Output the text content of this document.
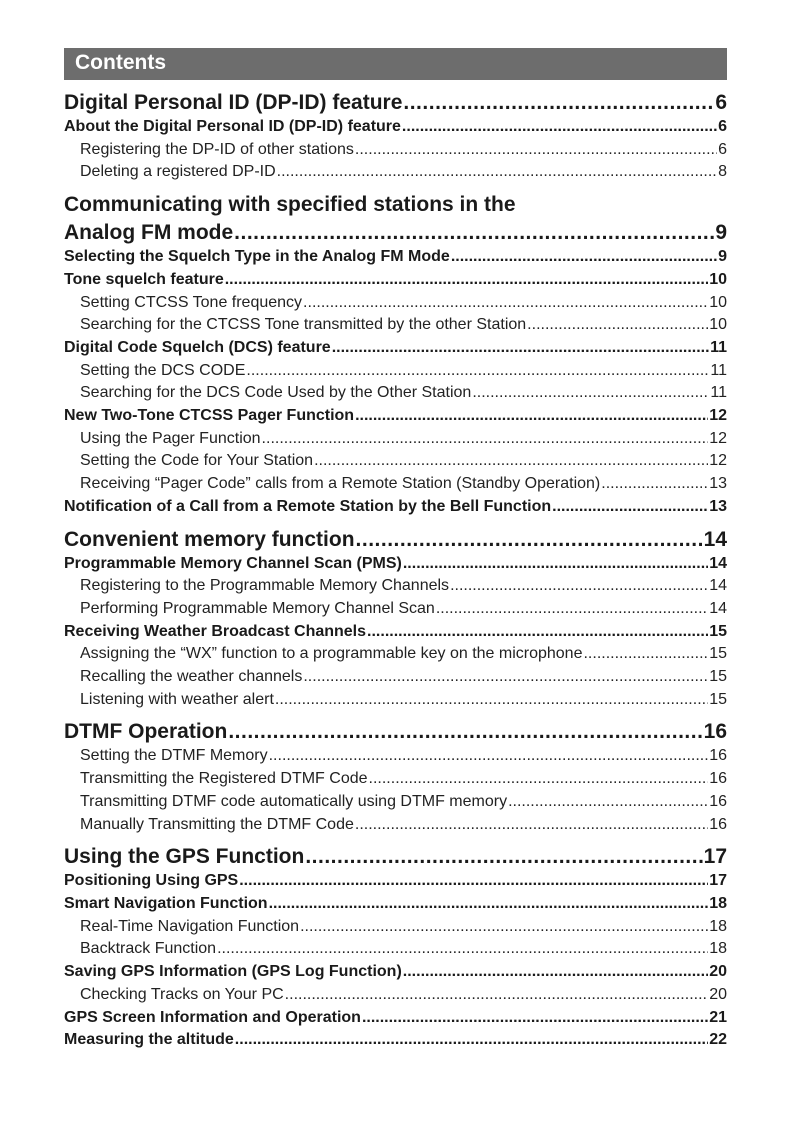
Contents
Digital Personal ID (DP-ID) feature .....	6
About the Digital Personal ID (DP-ID) feature .....	6
Registering the DP-ID of other stations .....	6
Deleting a registered DP-ID .....	8
Communicating with specified stations in the
Analog FM mode .....	9
Selecting the Squelch Type in the Analog FM Mode .....	9
Tone squelch feature .....	10
Setting CTCSS Tone frequency .....	10
Searching for the CTCSS Tone transmitted by the other Station .....	10
Digital Code Squelch (DCS) feature .....	11
Setting the DCS CODE .....	11
Searching for the DCS Code Used by the Other Station .....	11
New Two-Tone CTCSS Pager Function .....	12
Using the Pager Function .....	12
Setting the Code for Your Station .....	12
Receiving “Pager Code” calls from a Remote Station (Standby Operation) .....	13
Notification of a Call from a Remote Station by the Bell Function .....	13
Convenient memory function .....	14
Programmable Memory Channel Scan (PMS) .....	14
Registering to the Programmable Memory Channels .....	14
Performing Programmable Memory Channel Scan .....	14
Receiving Weather Broadcast Channels .....	15
Assigning the “WX” function to a programmable key on the microphone .....	15
Recalling the weather channels .....	15
Listening with weather alert .....	15
DTMF Operation .....	16
Setting the DTMF Memory .....	16
Transmitting the Registered DTMF Code .....	16
Transmitting DTMF code automatically using DTMF memory .....	16
Manually Transmitting the DTMF Code .....	16
Using the GPS Function .....	17
Positioning Using GPS .....	17
Smart Navigation Function .....	18
Real-Time Navigation Function .....	18
Backtrack Function .....	18
Saving GPS Information (GPS Log Function) .....	20
Checking Tracks on Your PC .....	20
GPS Screen Information and Operation .....	21
Measuring the altitude .....	22
